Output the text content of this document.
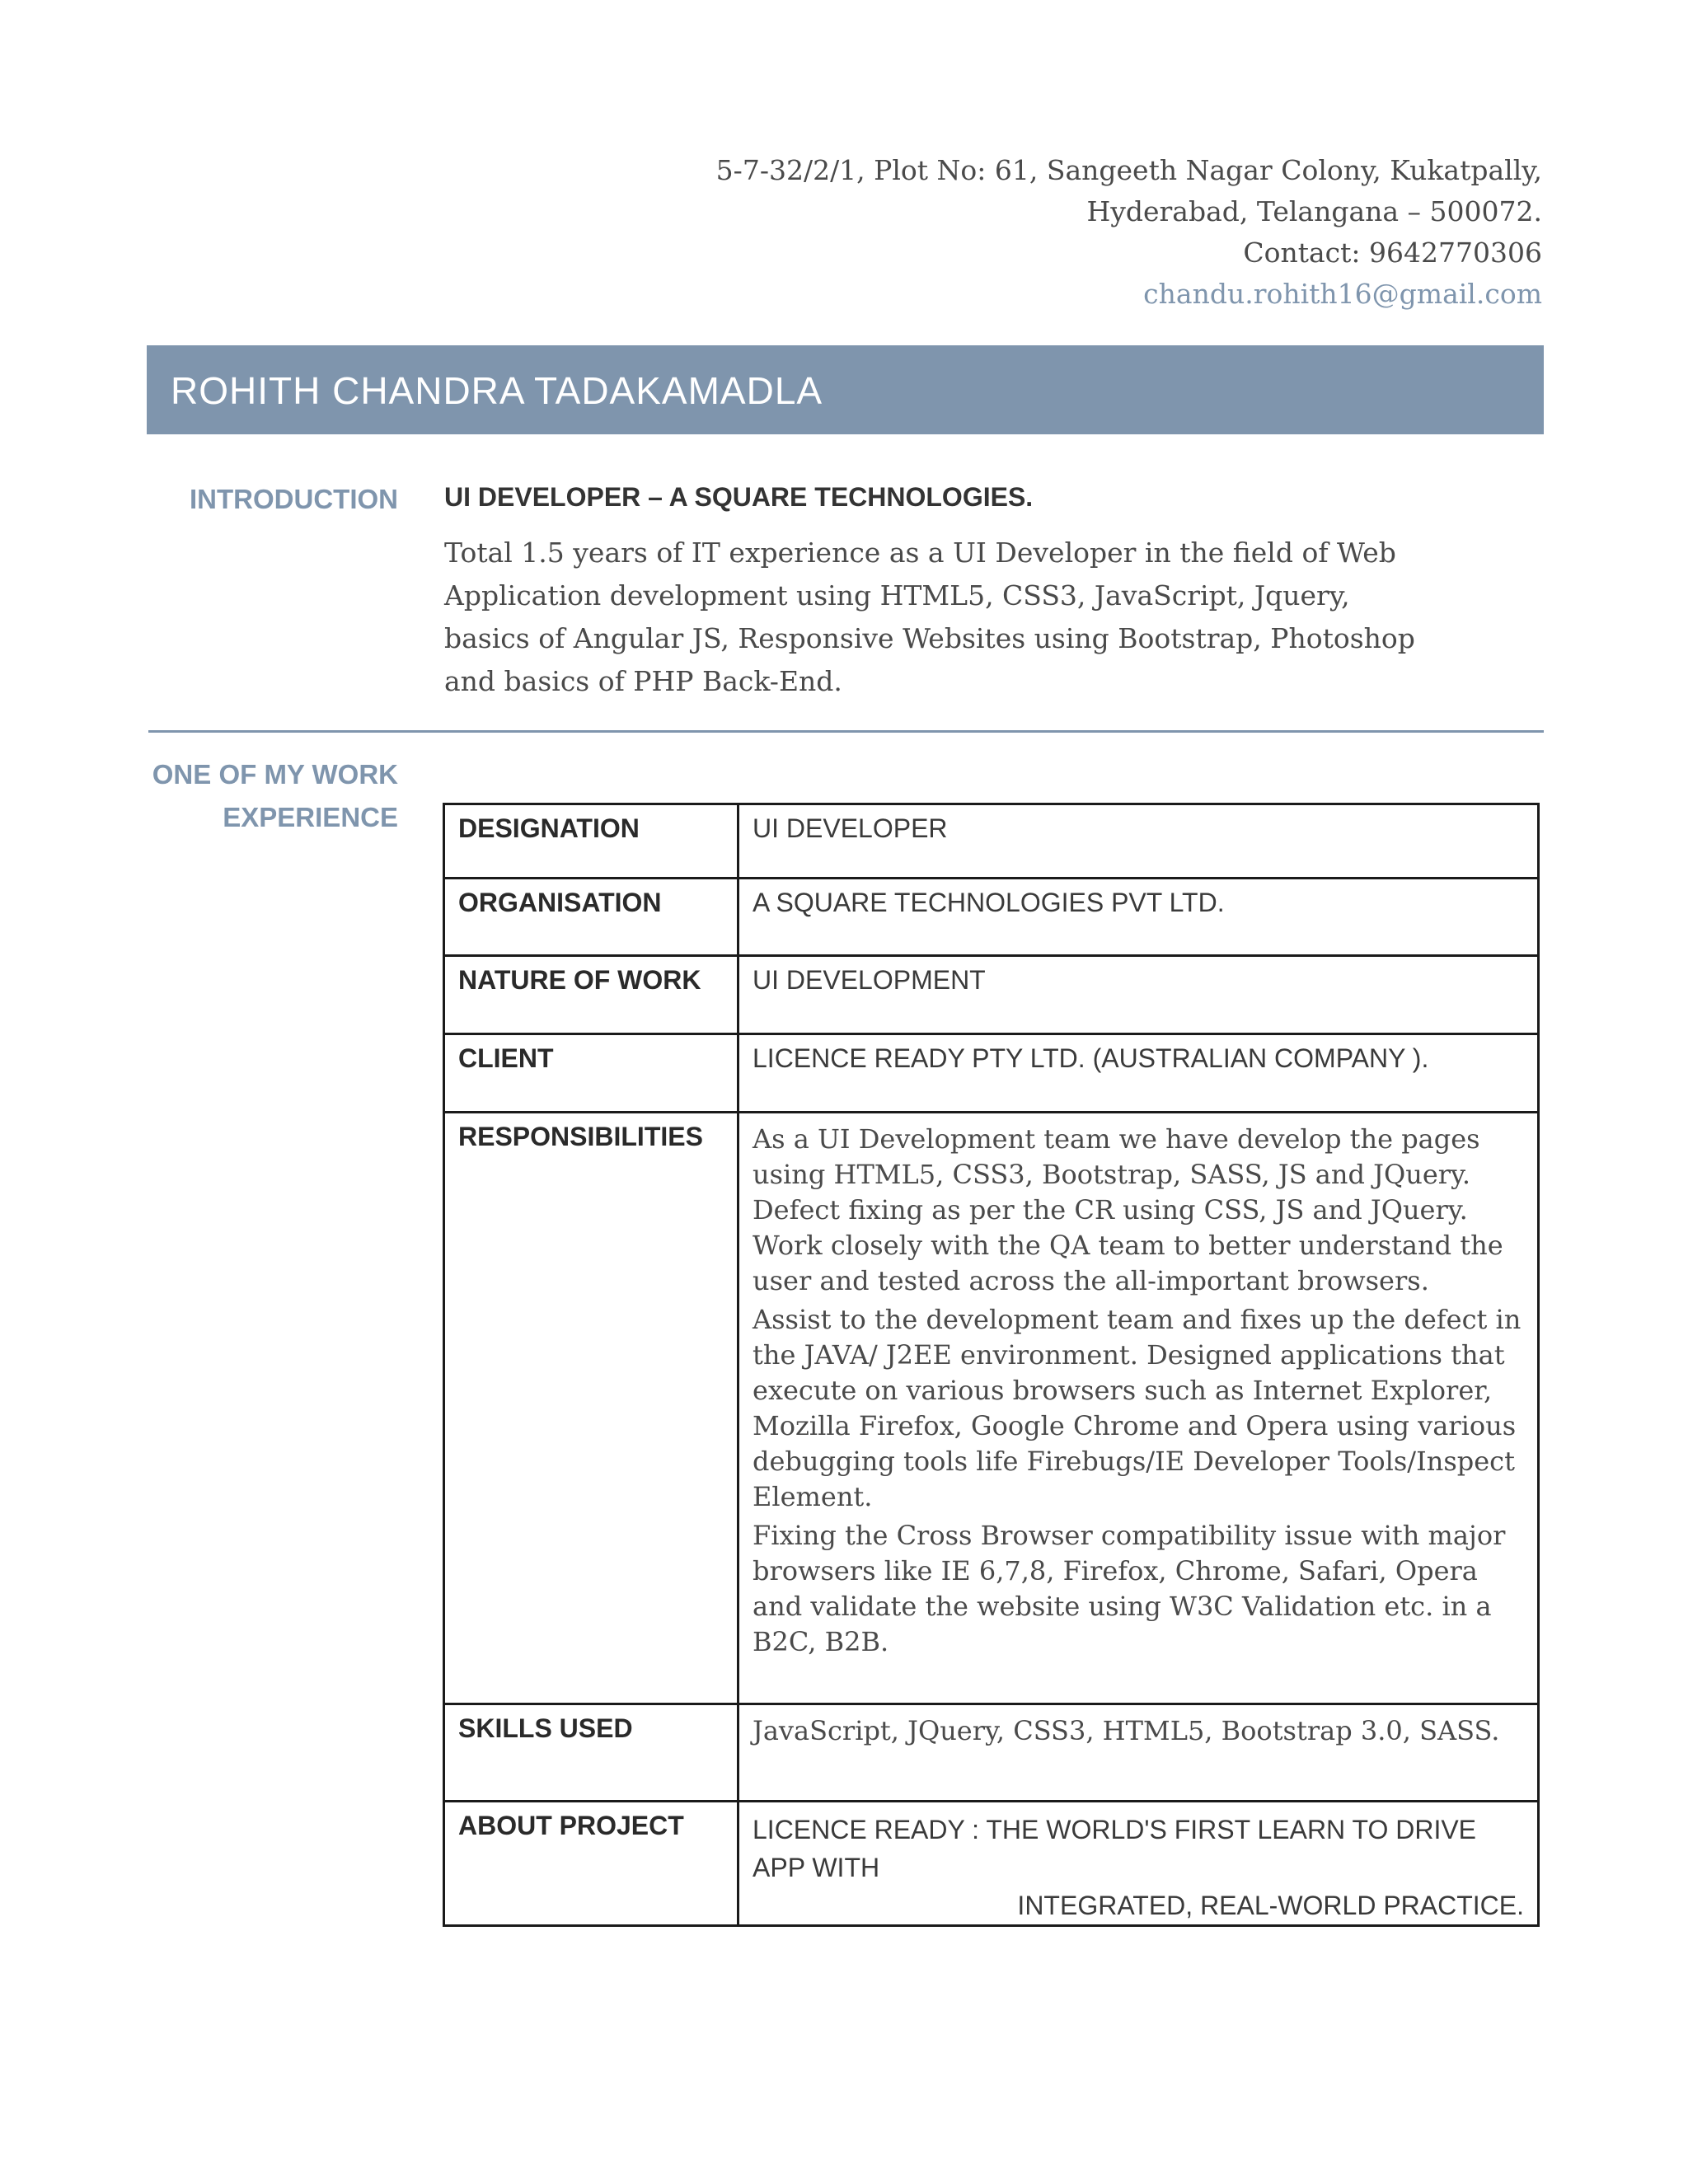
5-7-32/2/1, Plot No: 61, Sangeeth Nagar Colony, Kukatpally,
Hyderabad, Telangana – 500072.
Contact: 9642770306
chandu.rohith16@gmail.com
ROHITH CHANDRA TADAKAMADLA
INTRODUCTION UI DEVELOPER – A SQUARE TECHNOLOGIES.
Total 1.5 years of IT experience as a UI Developer in the field of Web
Application development using HTML5, CSS3, JavaScript, Jquery,
basics of Angular JS, Responsive Websites using Bootstrap, Photoshop
and basics of PHP Back-End.
ONE OF MY WORK
EXPERIENCE DESIGNATION	UI DEVELOPER
ORGANISATION	A SQUARE TECHNOLOGIES PVT LTD.
NATURE OF WORK	UI DEVELOPMENT
CLIENT	LICENCE READY PTY LTD. (AUSTRALIAN COMPANY ).
RESPONSIBILITIES	As a UI Development team we have develop the pages using HTML5, CSS3, Bootstrap, SASS, JS and JQuery. Defect fixing as per the CR using CSS, JS and JQuery. Work closely with the QA team to better understand the user and tested across the all-important browsers.

Assist to the development team and fixes up the defect in the JAVA/ J2EE environment. Designed applications that execute on various browsers such as Internet Explorer, Mozilla Firefox, Google Chrome and Opera using various debugging tools life Firebugs/IE Developer Tools/Inspect Element.

Fixing the Cross Browser compatibility issue with major browsers like IE 6,7,8, Firefox, Chrome, Safari, Opera and validate the website using W3C Validation etc. in a B2C, B2B.

SKILLS USED	JavaScript, JQuery, CSS3, HTML5, Bootstrap 3.0, SASS.
ABOUT PROJECT	LICENCE READY : THE WORLD'S FIRST LEARN TO DRIVE APP WITH
INTEGRATED, REAL-WORLD PRACTICE.
